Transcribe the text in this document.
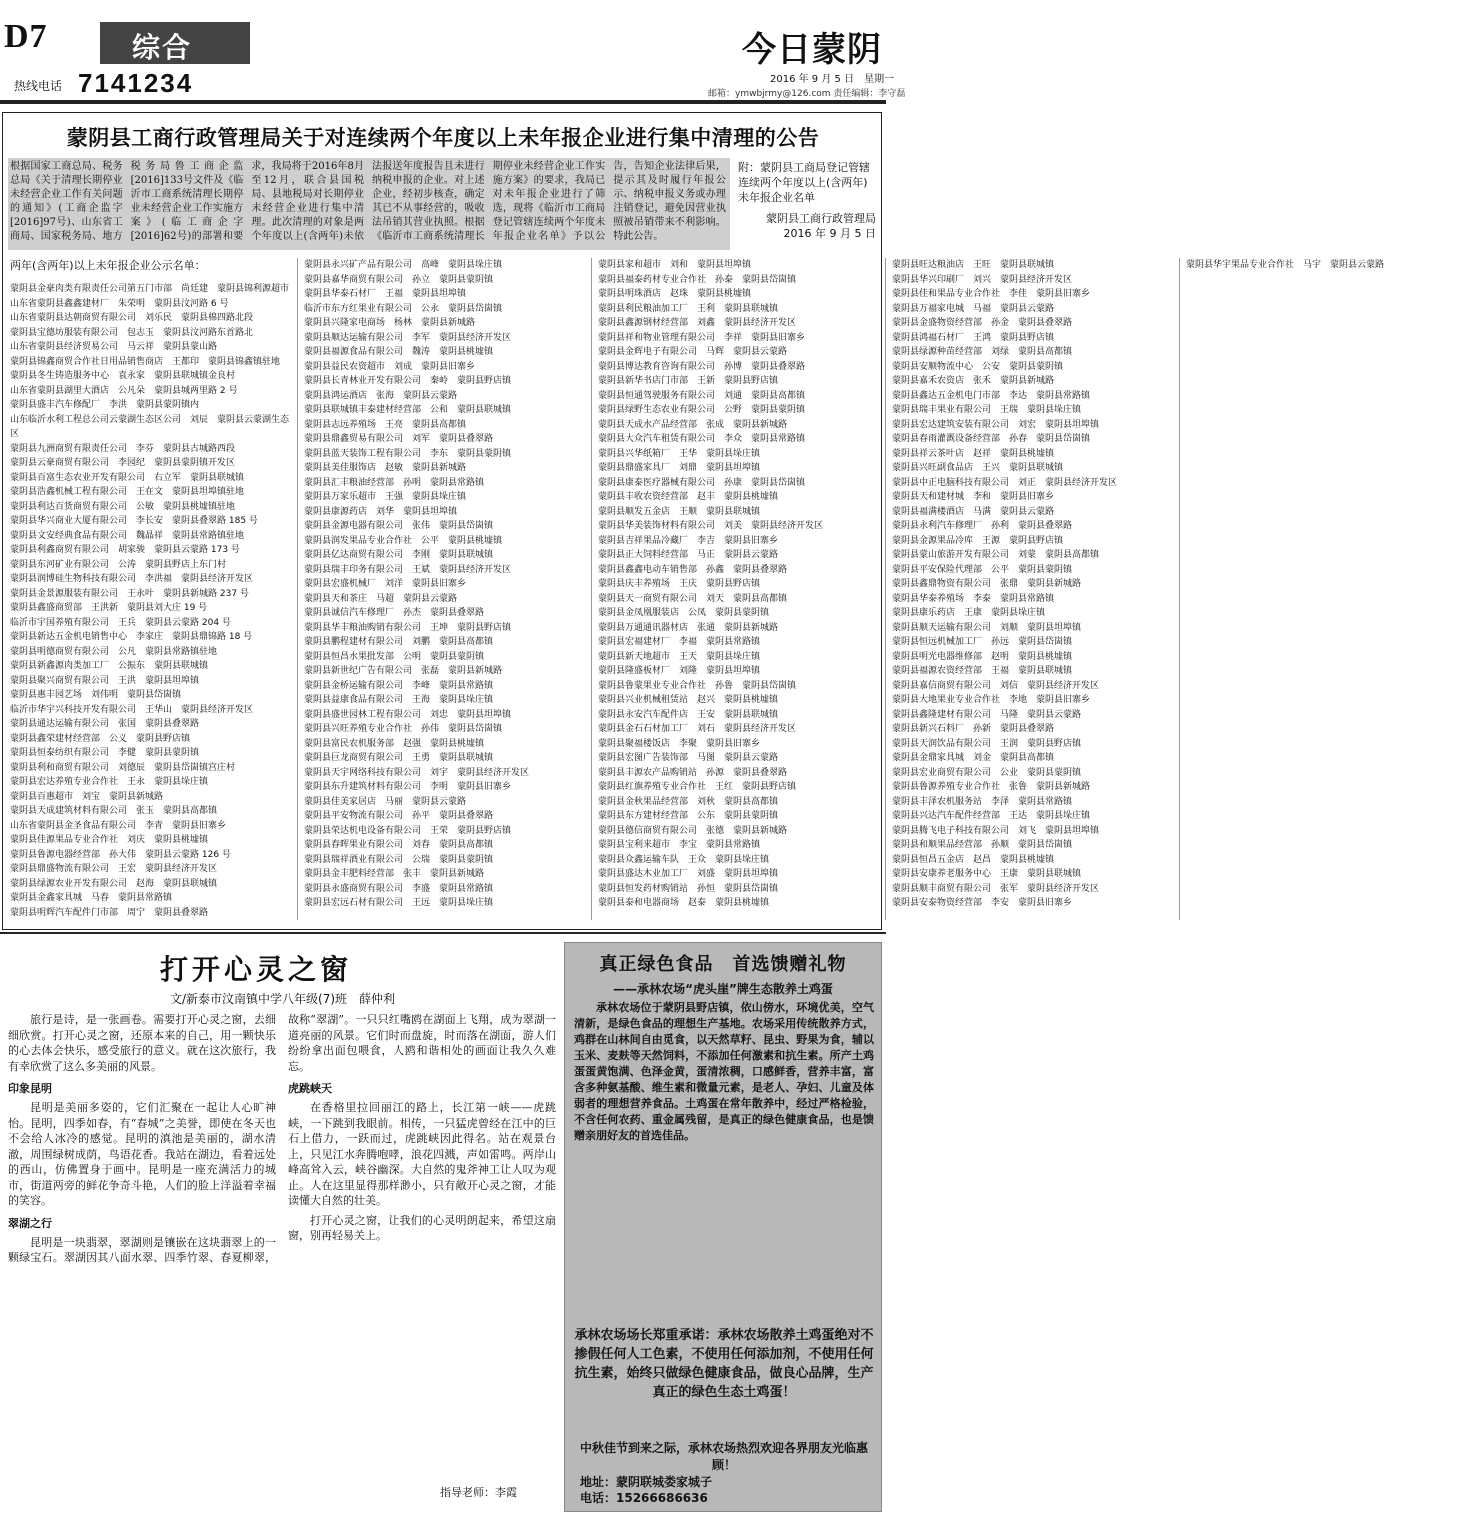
D7	综合
热线电话 7141234
今日蒙阴
2016 年 9 月 5 日　星期一
邮箱：ymwbjrmy@126.com 责任编辑：李守磊
蒙阴县工商行政管理局关于对连续两个年度以上未年报企业进行集中清理的公告
根据国家工商总局、税务总局《关于清理长期停业未经营企业工作有关问题的通知》(工商企监字[2016]97号)、山东省工商局、国家税务局、地方税务局鲁工商企监[2016]133号文件及《临沂市工商系统清理长期停业未经营企业工作实施方案》(临工商企字[2016]62号)的部署和要求，我局将于2016年8月至12月，联合县国税局、县地税局对长期停业未经营企业进行集中清理。此次清理的对象是两个年度以上(含两年)未依法报送年度报告且未进行纳税申报的企业。对上述企业，经初步核查，确定其已不从事经营的，吸收法吊销其营业执照。根据《临沂市工商系统清理长期停业未经营企业工作实施方案》的要求，我局已对未年报企业进行了筛选，现将《临沂市工商局登记管辖连续两个年度未年报企业名单》予以公告，告知企业法律后果，提示其及时履行年报公示、纳税申报义务或办理注销登记，避免因营业执照被吊销带来不利影响。特此公告。
附：蒙阴县工商局登记管辖连续两个年度以上(含两年)未年报企业名单
蒙阴县工商行政管理局
2016 年 9 月 5 日
两年(含两年)以上未年报企业公示名单：
蒙阴县金豪肉类有限责任公司第五门市部　尚廷建　蒙阴县锦利源超市
山东省蒙阴县鑫鑫建材厂　朱荣明　蒙阴县汶河路 6 号
山东省蒙阴县达朝商贸有限公司　刘乐民　蒙阴县棉四路北段
蒙阴县宝德坊服装有限公司　包志玉　蒙阴县汶河路东首路北
山东省蒙阴县经济贸易公司　马云祥　蒙阴县蒙山路
蒙阴县锦鑫商贸合作社日用品销售商店　王都印　蒙阴县锦鑫镇驻地
蒙阴县冬生铸造服务中心　袁永家　蒙阴县联城镇金良村
山东省蒙阴县湖里大酒店　公凡朵　蒙阴县城两里路 2 号
蒙阴县盛丰汽车修配厂　李洪　蒙阴县蒙阴镇内
山东临沂水利工程总公司云蒙湖生态区公司　刘辰　蒙阴县云蒙湖生态区
蒙阴县九洲商贸有限责任公司　李芬　蒙阴县古城路西段
蒙阴县云豪商贸有限公司　李园纪　蒙阴县蒙阴镇开发区
蒙阴县百富生态农业开发有限公司　右立军　蒙阴县联城镇
蒙阴县浩鑫机械工程有限公司　王在文　蒙阴县坦埠镇驻地
蒙阴县利达百货商贸有限公司　公敏　蒙阴县桃墟镇驻地
蒙阴县华兴商业大厦有限公司　李长安　蒙阴县叠翠路 185 号
蒙阴县文安经典食品有限公司　魏晶祥　蒙阴县常路镇驻地
蒙阴县利鑫商贸有限公司　胡家骏　蒙阴县云蒙路 173 号
蒙阴县东河矿业有限公司　公涛　蒙阴县野店上东门村
蒙阴县润博硅生物科技有限公司　李洪福　蒙阴县经济开发区
蒙阴县金景源服装有限公司　王永叶　蒙阴县新城路 237 号
蒙阴县鑫盛商贸部　王洪新　蒙阴县刘大庄 19 号
临沂市宇国养殖有限公司　王兵　蒙阴县云蒙路 204 号
蒙阴县新达五金机电销售中心　李家庄　蒙阴县鼎锦路 18 号
蒙阴县明德商贸有限公司　公凡　蒙阴县常路镇驻地
蒙阴县新鑫源肉类加工厂　公振东　蒙阴县联城镇
蒙阴县聚兴商贸有限公司　王洪　蒙阴县坦埠镇
蒙阴县惠丰园艺场　刘伟明　蒙阴县岱崮镇
临沂市华宇兴科技开发有限公司　王华山　蒙阴县经济开发区
蒙阴县通达运输有限公司　张国　蒙阴县叠翠路
蒙阴县鑫荣建材经营部　公义　蒙阴县野店镇
蒙阴县恒泰纺织有限公司　李健　蒙阴县蒙阴镇
蒙阴县利和商贸有限公司　刘德辰　蒙阴县岱崮镇宫庄村
蒙阴县宏达养殖专业合作社　王永　蒙阴县垛庄镇
蒙阴县百惠超市　刘宝　蒙阴县新城路
蒙阴县天成建筑材料有限公司　张玉　蒙阴县高都镇
山东省蒙阴县金圣食品有限公司　李青　蒙阴县旧寨乡
蒙阴县佳源果品专业合作社　刘庆　蒙阴县桃墟镇
蒙阴县鲁源电器经营部　孙大伟　蒙阴县云蒙路 126 号
蒙阴县鼎盛物流有限公司　王宏　蒙阴县经济开发区
蒙阴县绿源农业开发有限公司　赵海　蒙阴县联城镇
蒙阴县金鑫家具城　马春　蒙阴县常路镇
蒙阴县明辉汽车配件门市部　周宁　蒙阴县叠翠路
蒙阴县永兴矿产品有限公司　高峰　蒙阴县垛庄镇
蒙阴县嘉华商贸有限公司　孙立　蒙阴县蒙阴镇
蒙阴县华泰石材厂　王福　蒙阴县坦埠镇
临沂市东方红果业有限公司　公永　蒙阴县岱崮镇
蒙阴县兴隆家电商场　杨林　蒙阴县新城路
蒙阴县顺达运输有限公司　李军　蒙阴县经济开发区
蒙阴县福源食品有限公司　魏涛　蒙阴县桃墟镇
蒙阴县益民农资超市　刘成　蒙阴县旧寨乡
蒙阴县长青林业开发有限公司　秦岭　蒙阴县野店镇
蒙阴县鸿运酒店　张海　蒙阴县云蒙路
蒙阴县联城镇丰泰建材经营部　公和　蒙阴县联城镇
蒙阴县志远养殖场　王亮　蒙阴县高都镇
蒙阴县鼎鑫贸易有限公司　刘军　蒙阴县叠翠路
蒙阴县蓝天装饰工程有限公司　李东　蒙阴县蒙阴镇
蒙阴县美佳服饰店　赵敏　蒙阴县新城路
蒙阴县汇丰粮油经营部　孙明　蒙阴县常路镇
蒙阴县万家乐超市　王强　蒙阴县垛庄镇
蒙阴县康源药店　刘华　蒙阴县坦埠镇
蒙阴县金源电器有限公司　张伟　蒙阴县岱崮镇
蒙阴县润发果品专业合作社　公平　蒙阴县桃墟镇
蒙阴县亿达商贸有限公司　李刚　蒙阴县联城镇
蒙阴县瑞丰印务有限公司　王斌　蒙阴县经济开发区
蒙阴县宏盛机械厂　刘洋　蒙阴县旧寨乡
蒙阴县天和茶庄　马超　蒙阴县云蒙路
蒙阴县诚信汽车修理厂　孙杰　蒙阴县叠翠路
蒙阴县华丰粮油购销有限公司　王坤　蒙阴县野店镇
蒙阴县鹏程建材有限公司　刘鹏　蒙阴县高都镇
蒙阴县恒昌水果批发部　公明　蒙阴县蒙阴镇
蒙阴县新世纪广告有限公司　张磊　蒙阴县新城路
蒙阴县金桥运输有限公司　李峰　蒙阴县常路镇
蒙阴县益康食品有限公司　王海　蒙阴县垛庄镇
蒙阴县盛世园林工程有限公司　刘忠　蒙阴县坦埠镇
蒙阴县兴旺养殖专业合作社　孙伟　蒙阴县岱崮镇
蒙阴县富民农机服务部　赵强　蒙阴县桃墟镇
蒙阴县巨龙商贸有限公司　王勇　蒙阴县联城镇
蒙阴县天宇网络科技有限公司　刘宇　蒙阴县经济开发区
蒙阴县东升建筑材料有限公司　李明　蒙阴县旧寨乡
蒙阴县佳美家居店　马丽　蒙阴县云蒙路
蒙阴县平安物流有限公司　孙平　蒙阴县叠翠路
蒙阴县荣达机电设备有限公司　王荣　蒙阴县野店镇
蒙阴县春晖果业有限公司　刘春　蒙阴县高都镇
蒙阴县瑞祥酒业有限公司　公瑞　蒙阴县蒙阴镇
蒙阴县金丰肥料经营部　张丰　蒙阴县新城路
蒙阴县永盛商贸有限公司　李盛　蒙阴县常路镇
蒙阴县宏远石材有限公司　王远　蒙阴县垛庄镇
蒙阴县家和超市　刘和　蒙阴县坦埠镇
蒙阴县福泰药材专业合作社　孙泰　蒙阴县岱崮镇
蒙阴县明珠酒店　赵珠　蒙阴县桃墟镇
蒙阴县利民粮油加工厂　王利　蒙阴县联城镇
蒙阴县鑫源钢材经营部　刘鑫　蒙阴县经济开发区
蒙阴县祥和物业管理有限公司　李祥　蒙阴县旧寨乡
蒙阴县金辉电子有限公司　马辉　蒙阴县云蒙路
蒙阴县博达教育咨询有限公司　孙博　蒙阴县叠翠路
蒙阴县新华书店门市部　王新　蒙阴县野店镇
蒙阴县恒通驾驶服务有限公司　刘通　蒙阴县高都镇
蒙阴县绿野生态农业有限公司　公野　蒙阴县蒙阴镇
蒙阴县天成水产品经营部　张成　蒙阴县新城路
蒙阴县大众汽车租赁有限公司　李众　蒙阴县常路镇
蒙阴县兴华纸箱厂　王华　蒙阴县垛庄镇
蒙阴县鼎盛家具厂　刘鼎　蒙阴县坦埠镇
蒙阴县康泰医疗器械有限公司　孙康　蒙阴县岱崮镇
蒙阴县丰收农资经营部　赵丰　蒙阴县桃墟镇
蒙阴县顺发五金店　王顺　蒙阴县联城镇
蒙阴县华美装饰材料有限公司　刘美　蒙阴县经济开发区
蒙阴县吉祥果品冷藏厂　李吉　蒙阴县旧寨乡
蒙阴县正大饲料经营部　马正　蒙阴县云蒙路
蒙阴县鑫鑫电动车销售部　孙鑫　蒙阴县叠翠路
蒙阴县庆丰养殖场　王庆　蒙阴县野店镇
蒙阴县天一商贸有限公司　刘天　蒙阴县高都镇
蒙阴县金凤凰服装店　公凤　蒙阴县蒙阴镇
蒙阴县万通通讯器材店　张通　蒙阴县新城路
蒙阴县宏福建材厂　李福　蒙阴县常路镇
蒙阴县新天地超市　王天　蒙阴县垛庄镇
蒙阴县隆盛板材厂　刘隆　蒙阴县坦埠镇
蒙阴县鲁蒙果业专业合作社　孙鲁　蒙阴县岱崮镇
蒙阴县兴业机械租赁站　赵兴　蒙阴县桃墟镇
蒙阴县永安汽车配件店　王安　蒙阴县联城镇
蒙阴县金石石材加工厂　刘石　蒙阴县经济开发区
蒙阴县聚福楼饭店　李聚　蒙阴县旧寨乡
蒙阴县宏图广告装饰部　马图　蒙阴县云蒙路
蒙阴县丰源农产品购销站　孙源　蒙阴县叠翠路
蒙阴县红旗养殖专业合作社　王红　蒙阴县野店镇
蒙阴县金秋果品经营部　刘秋　蒙阴县高都镇
蒙阴县东方建材经营部　公东　蒙阴县蒙阴镇
蒙阴县德信商贸有限公司　张德　蒙阴县新城路
蒙阴县宝利来超市　李宝　蒙阴县常路镇
蒙阴县众鑫运输车队　王众　蒙阴县垛庄镇
蒙阴县盛达木业加工厂　刘盛　蒙阴县坦埠镇
蒙阴县恒发药材购销站　孙恒　蒙阴县岱崮镇
蒙阴县泰和电器商场　赵泰　蒙阴县桃墟镇
蒙阴县旺达粮油店　王旺　蒙阴县联城镇
蒙阴县华兴印刷厂　刘兴　蒙阴县经济开发区
蒙阴县佳和果品专业合作社　李佳　蒙阴县旧寨乡
蒙阴县万福家电城　马福　蒙阴县云蒙路
蒙阴县金盛物资经营部　孙金　蒙阴县叠翠路
蒙阴县鸿福石材厂　王鸿　蒙阴县野店镇
蒙阴县绿源种苗经营部　刘绿　蒙阴县高都镇
蒙阴县安顺物流中心　公安　蒙阴县蒙阴镇
蒙阴县嘉禾农资店　张禾　蒙阴县新城路
蒙阴县鑫达五金机电门市部　李达　蒙阴县常路镇
蒙阴县瑞丰果业有限公司　王瑞　蒙阴县垛庄镇
蒙阴县宏达建筑安装有限公司　刘宏　蒙阴县坦埠镇
蒙阴县春雨灌溉设备经营部　孙春　蒙阴县岱崮镇
蒙阴县祥云茶叶店　赵祥　蒙阴县桃墟镇
蒙阴县兴旺副食品店　王兴　蒙阴县联城镇
蒙阴县中正电脑科技有限公司　刘正　蒙阴县经济开发区
蒙阴县天和建材城　李和　蒙阴县旧寨乡
蒙阴县福满楼酒店　马满　蒙阴县云蒙路
蒙阴县永利汽车修理厂　孙利　蒙阴县叠翠路
蒙阴县金源果品冷库　王源　蒙阴县野店镇
蒙阴县蒙山旅游开发有限公司　刘蒙　蒙阴县高都镇
蒙阴县平安保险代理部　公平　蒙阴县蒙阴镇
蒙阴县鑫鼎物资有限公司　张鼎　蒙阴县新城路
蒙阴县华泰养殖场　李泰　蒙阴县常路镇
蒙阴县康乐药店　王康　蒙阴县垛庄镇
蒙阴县顺天运输有限公司　刘顺　蒙阴县坦埠镇
蒙阴县恒远机械加工厂　孙远　蒙阴县岱崮镇
蒙阴县明光电器维修部　赵明　蒙阴县桃墟镇
蒙阴县福源农资经营部　王福　蒙阴县联城镇
蒙阴县嘉信商贸有限公司　刘信　蒙阴县经济开发区
蒙阴县大地果业专业合作社　李地　蒙阴县旧寨乡
蒙阴县鑫隆建材有限公司　马隆　蒙阴县云蒙路
蒙阴县新兴石料厂　孙新　蒙阴县叠翠路
蒙阴县天润饮品有限公司　王润　蒙阴县野店镇
蒙阴县金鼎家具城　刘金　蒙阴县高都镇
蒙阴县宏业商贸有限公司　公业　蒙阴县蒙阴镇
蒙阴县鲁源养殖专业合作社　张鲁　蒙阴县新城路
蒙阴县丰泽农机服务站　李泽　蒙阴县常路镇
蒙阴县兴达汽车配件经营部　王达　蒙阴县垛庄镇
蒙阴县腾飞电子科技有限公司　刘飞　蒙阴县坦埠镇
蒙阴县和顺果品经营部　孙顺　蒙阴县岱崮镇
蒙阴县恒昌五金店　赵昌　蒙阴县桃墟镇
蒙阴县安康养老服务中心　王康　蒙阴县联城镇
蒙阴县顺丰商贸有限公司　张军　蒙阴县经济开发区
蒙阴县安泰物资经营部　李安　蒙阴县旧寨乡
蒙阴县华宇果品专业合作社　马宇　蒙阴县云蒙路
打开心灵之窗
文/新泰市汶南镇中学八年级(7)班　薛仲利

旅行是诗，是一张画卷。需要打开心灵之窗，去细细欣赏。打开心灵之窗，还原本来的自己，用一颗快乐的心去体会快乐，感受旅行的意义。就在这次旅行，我有幸欣赏了这么多美丽的风景。

印象昆明

昆明是美丽多姿的，它们汇聚在一起让人心旷神怡。昆明，四季如春，有“春城”之美誉，即使在冬天也不会给人冰冷的感觉。昆明的滇池是美丽的，湖水清澈，周围绿树成荫，鸟语花香。我站在湖边，看着远处的西山，仿佛置身于画中。昆明是一座充满活力的城市，街道两旁的鲜花争奇斗艳，人们的脸上洋溢着幸福的笑容。

翠湖之行

昆明是一块翡翠，翠湖则是镶嵌在这块翡翠上的一颗绿宝石。翠湖因其八面水翠、四季竹翠、春夏柳翠，故称“翠湖”。一只只红嘴鸥在湖面上飞翔，成为翠湖一道亮丽的风景。它们时而盘旋，时而落在湖面，游人们纷纷拿出面包喂食，人鸥和谐相处的画面让我久久难忘。

虎跳峡天

在香格里拉回丽江的路上，长江第一峡——虎跳峡，一下跳到我眼前。相传，一只猛虎曾经在江中的巨石上借力，一跃而过，虎跳峡因此得名。站在观景台上，只见江水奔腾咆哮，浪花四溅，声如雷鸣。两岸山峰高耸入云，峡谷幽深。大自然的鬼斧神工让人叹为观止。人在这里显得那样渺小，只有敞开心灵之窗，才能读懂大自然的壮美。

打开心灵之窗，让我们的心灵明朗起来，希望这扇窗，别再轻易关上。

指导老师：李霞
真正绿色食品　首选馈赠礼物
——承林农场“虎头崖”牌生态散养土鸡蛋

承林农场位于蒙阴县野店镇，依山傍水，环境优美，空气清新，是绿色食品的理想生产基地。农场采用传统散养方式，鸡群在山林间自由觅食，以天然草籽、昆虫、野果为食，辅以玉米、麦麸等天然饲料，不添加任何激素和抗生素。所产土鸡蛋蛋黄饱满、色泽金黄，蛋清浓稠，口感鲜香，营养丰富，富含多种氨基酸、维生素和微量元素，是老人、孕妇、儿童及体弱者的理想营养食品。土鸡蛋在常年散养中，经过严格检验，不含任何农药、重金属残留，是真正的绿色健康食品，也是馈赠亲朋好友的首选佳品。

承林农场场长郑重承诺：承林农场散养土鸡蛋绝对不掺假任何人工色素，不使用任何添加剂，不使用任何抗生素，始终只做绿色健康食品，做良心品牌，生产真正的绿色生态土鸡蛋！
中秋佳节到来之际，承林农场热烈欢迎各界朋友光临惠顾！
地址：蒙阴联城娄家城子
电话：15266686636
